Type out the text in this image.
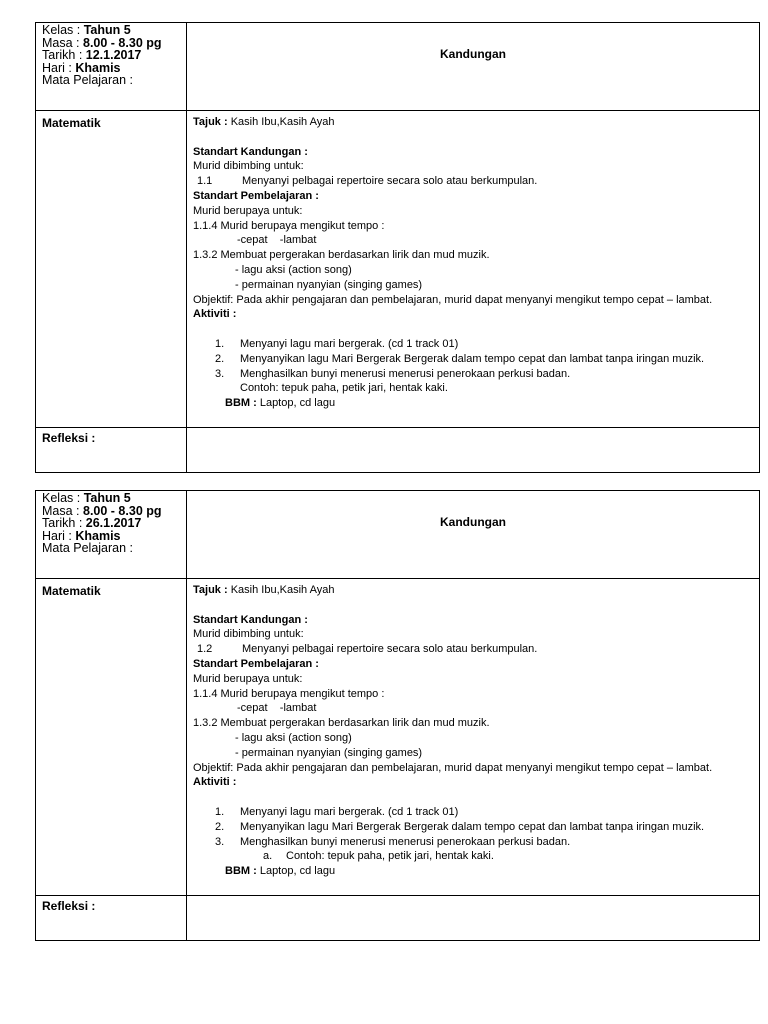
Kelas : Tahun 5
Masa : 8.00 - 8.30 pg
Tarikh : 12.1.2017
Hari : Khamis
Mata Pelajaran :
Kandungan
Matematik
Refleksi :
Tajuk : Kasih Ibu,Kasih Ayah
Standart Kandungan :
Murid dibimbing untuk:
1.1	Menyanyi pelbagai repertoire secara solo atau berkumpulan.
Standart Pembelajaran :
Murid berupaya untuk:
1.1.4 Murid berupaya mengikut tempo :
-cepat    -lambat
1.3.2 Membuat pergerakan berdasarkan lirik dan mud muzik.
- lagu aksi (action song)
- permainan nyanyian (singing games)
Objektif: Pada akhir pengajaran dan pembelajaran, murid dapat menyanyi mengikut tempo cepat – lambat.
Aktiviti :
1. Menyanyi lagu mari bergerak. (cd 1 track 01)
2. Menyanyikan lagu Mari Bergerak Bergerak dalam tempo cepat dan lambat tanpa iringan muzik.
3. Menghasilkan bunyi menerusi menerusi penerokaan perkusi badan.
Contoh: tepuk paha, petik jari, hentak kaki.
BBM : Laptop, cd lagu
Kelas : Tahun 5
Masa : 8.00 - 8.30 pg
Tarikh : 26.1.2017
Hari : Khamis
Mata Pelajaran :
Kandungan
Matematik
Refleksi :
Tajuk : Kasih Ibu,Kasih Ayah
Standart Kandungan :
Murid dibimbing untuk:
1.2	Menyanyi pelbagai repertoire secara solo atau berkumpulan.
Standart Pembelajaran :
Murid berupaya untuk:
1.1.4 Murid berupaya mengikut tempo :
-cepat    -lambat
1.3.2 Membuat pergerakan berdasarkan lirik dan mud muzik.
- lagu aksi (action song)
- permainan nyanyian (singing games)
Objektif: Pada akhir pengajaran dan pembelajaran, murid dapat menyanyi mengikut tempo cepat – lambat.
Aktiviti :
1. Menyanyi lagu mari bergerak. (cd 1 track 01)
2. Menyanyikan lagu Mari Bergerak Bergerak dalam tempo cepat dan lambat tanpa iringan muzik.
3. Menghasilkan bunyi menerusi menerusi penerokaan perkusi badan.
a. Contoh: tepuk paha, petik jari, hentak kaki.
BBM : Laptop, cd lagu
